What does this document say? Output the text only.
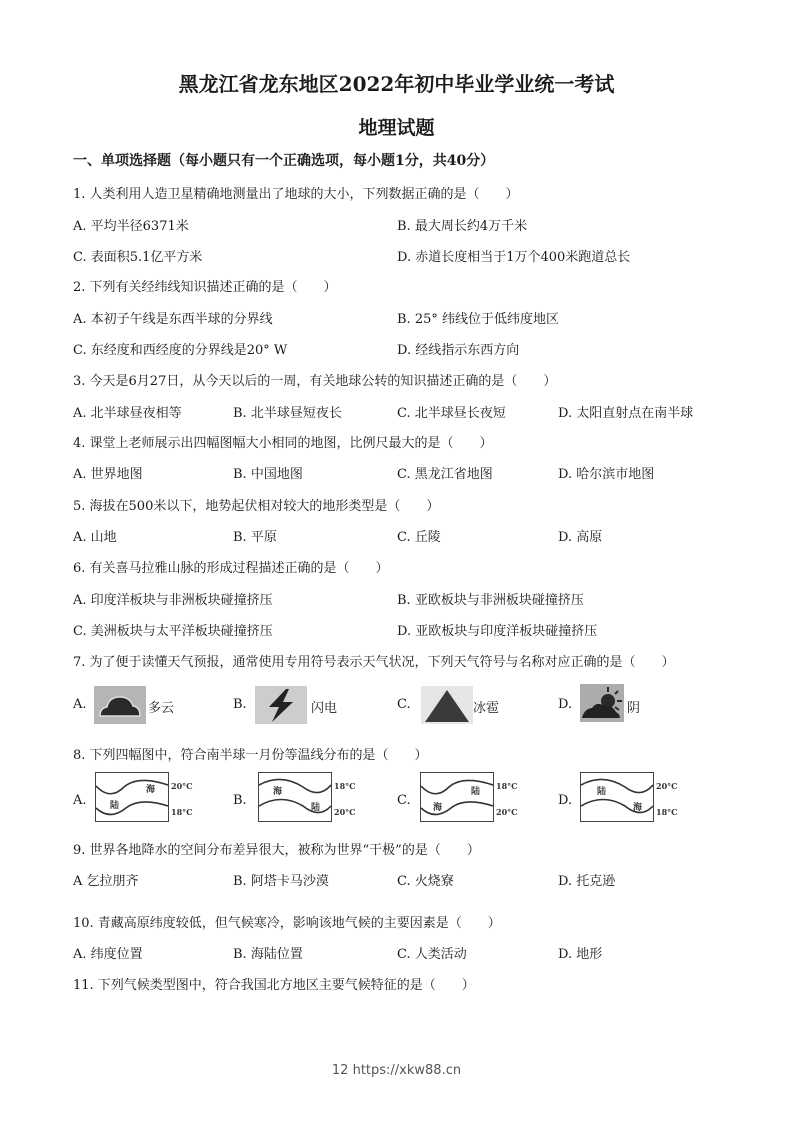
黑龙江省龙东地区2022年初中毕业学业统一考试
地理试题
一、单项选择题（每小题只有一个正确选项，每小题1分，共40分）
1. 人类利用人造卫星精确地测量出了地球的大小，下列数据正确的是（　　）
A. 平均半径6371米	B. 最大周长约4万千米
C. 表面积5.1亿平方米	D. 赤道长度相当于1万个400米跑道总长
2. 下列有关经纬线知识描述正确的是（　　）
A. 本初子午线是东西半球的分界线	B. 25° 纬线位于低纬度地区
C. 东经度和西经度的分界线是20° W	D. 经线指示东西方向
3. 今天是6月27日，从今天以后的一周，有关地球公转的知识描述正确的是（　　）
A. 北半球昼夜相等	B. 北半球昼短夜长	C. 北半球昼长夜短	D. 太阳直射点在南半球
4. 课堂上老师展示出四幅图幅大小相同的地图，比例尺最大的是（　　）
A. 世界地图	B. 中国地图	C. 黑龙江省地图	D. 哈尔滨市地图
5. 海拔在500米以下，地势起伏相对较大的地形类型是（　　）
A. 山地	B. 平原	C. 丘陵	D. 高原
6. 有关喜马拉雅山脉的形成过程描述正确的是（　　）
A. 印度洋板块与非洲板块碰撞挤压	B. 亚欧板块与非洲板块碰撞挤压
C. 美洲板块与太平洋板块碰撞挤压	D. 亚欧板块与印度洋板块碰撞挤压
7. 为了便于读懂天气预报，通常使用专用符号表示天气状况，下列天气符号与名称对应正确的是（　　）
A.	多云	B.	闪电	C.	冰雹	D.	阴
8. 下列四幅图中，符合南半球一月份等温线分布的是（　　）
A.
海
陆
20°C
18°C
B.
海
陆
18°C
20°C
C.
陆
海
18°C
20°C
D.
陆
海
20°C
18°C
9. 世界各地降水的空间分布差异很大，被称为世界“干极”的是（　　）
A 乞拉朋齐	B. 阿塔卡马沙漠	C. 火烧寮	D. 托克逊
10. 青藏高原纬度较低，但气候寒冷，影响该地气候的主要因素是（　　）
A. 纬度位置	B. 海陆位置	C. 人类活动	D. 地形
11. 下列气候类型图中，符合我国北方地区主要气候特征的是（　　）
12 https://xkw88.cn
